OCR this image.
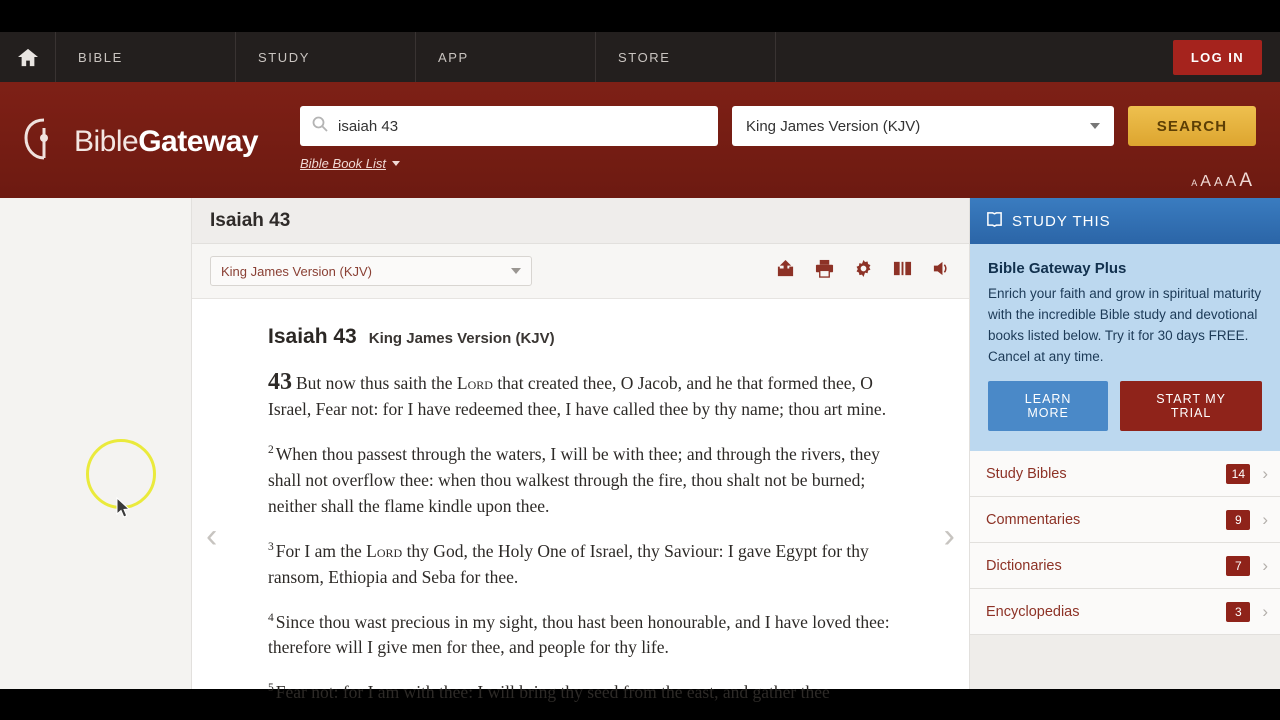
BIBLE	STUDY	APP	STORE	LOG IN
BibleGateway
isaiah 43	King James Version (KJV)	SEARCH
Bible Book List
A A A A A
Isaiah 43
King James Version (KJV)
‹	›
Isaiah 43 King James Version (KJV)

43 But now thus saith the Lord that created thee, O Jacob, and he that formed thee, O Israel, Fear not: for I have redeemed thee, I have called thee by thy name; thou art mine.

$^2$ When thou passest through the waters, I will be with thee; and through the rivers, they shall not overflow thee: when thou walkest through the fire, thou shalt not be burned; neither shall the flame kindle upon thee.

$^3$ For I am the Lord thy God, the Holy One of Israel, thy Saviour: I gave Egypt for thy ransom, Ethiopia and Seba for thee.

$^4$ Since thou wast precious in my sight, thou hast been honourable, and I have loved thee: therefore will I give men for thee, and people for thy life.

$^5$ Fear not: for I am with thee: I will bring thy seed from the east, and gather thee

STUDY THIS
Bible Gateway Plus

Enrich your faith and grow in spiritual maturity with the incredible Bible study and devotional books listed below. Try it for 30 days FREE. Cancel at any time.

LEARN MORE
START MY TRIAL
Study Bibles	14	›
Commentaries	9	›
Dictionaries	7	›
Encyclopedias	3	›
